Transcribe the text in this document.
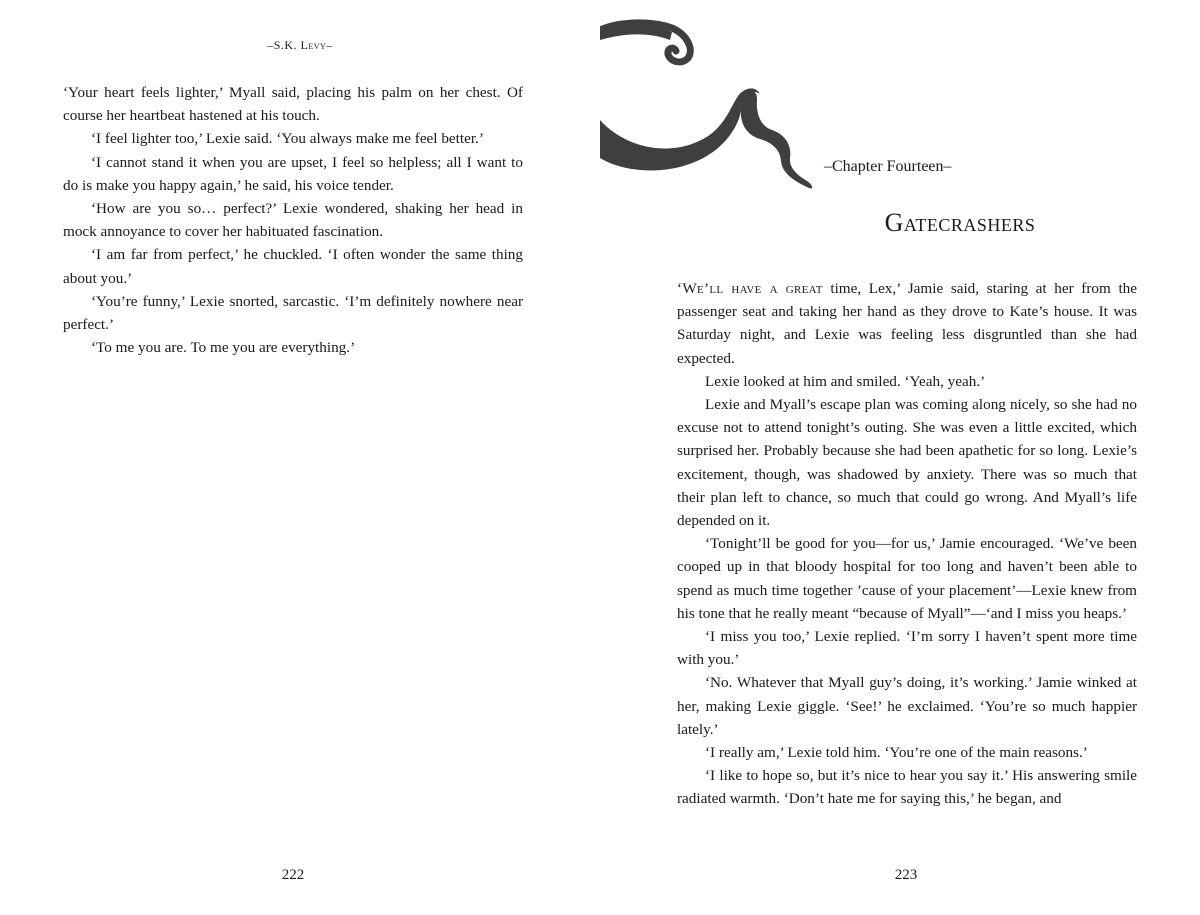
–S.K. Levy–

‘Your heart feels lighter,’ Myall said, placing his palm on her chest. Of course her heartbeat hastened at his touch.

‘I feel lighter too,’ Lexie said. ‘You always make me feel better.’

‘I cannot stand it when you are upset, I feel so helpless; all I want to do is make you happy again,’ he said, his voice tender.

‘How are you so… perfect?’ Lexie wondered, shaking her head in mock annoyance to cover her habituated fascination.

‘I am far from perfect,’ he chuckled. ‘I often wonder the same thing about you.’

‘You’re funny,’ Lexie snorted, sarcastic. ‘I’m definitely nowhere near perfect.’

‘To me you are. To me you are everything.’

222
–Chapter Fourteen–
Gatecrashers

‘We’ll have a great time, Lex,’ Jamie said, staring at her from the passenger seat and taking her hand as they drove to Kate’s house. It was Saturday night, and Lexie was feeling less disgruntled than she had expected.

Lexie looked at him and smiled. ‘Yeah, yeah.’

Lexie and Myall’s escape plan was coming along nicely, so she had no excuse not to attend tonight’s outing. She was even a little excited, which surprised her. Probably because she had been apathetic for so long. Lexie’s excitement, though, was shadowed by anxiety. There was so much that their plan left to chance, so much that could go wrong. And Myall’s life depended on it.

‘Tonight’ll be good for you—for us,’ Jamie encouraged. ‘We’ve been cooped up in that bloody hospital for too long and haven’t been able to spend as much time together ’cause of your placement’—Lexie knew from his tone that he really meant “because of Myall”—‘and I miss you heaps.’

‘I miss you too,’ Lexie replied. ‘I’m sorry I haven’t spent more time with you.’

‘No. Whatever that Myall guy’s doing, it’s working.’ Jamie winked at her, making Lexie giggle. ‘See!’ he exclaimed. ‘You’re so much happier lately.’

‘I really am,’ Lexie told him. ‘You’re one of the main reasons.’

‘I like to hope so, but it’s nice to hear you say it.’ His answering smile radiated warmth. ‘Don’t hate me for saying this,’ he began, and

223
